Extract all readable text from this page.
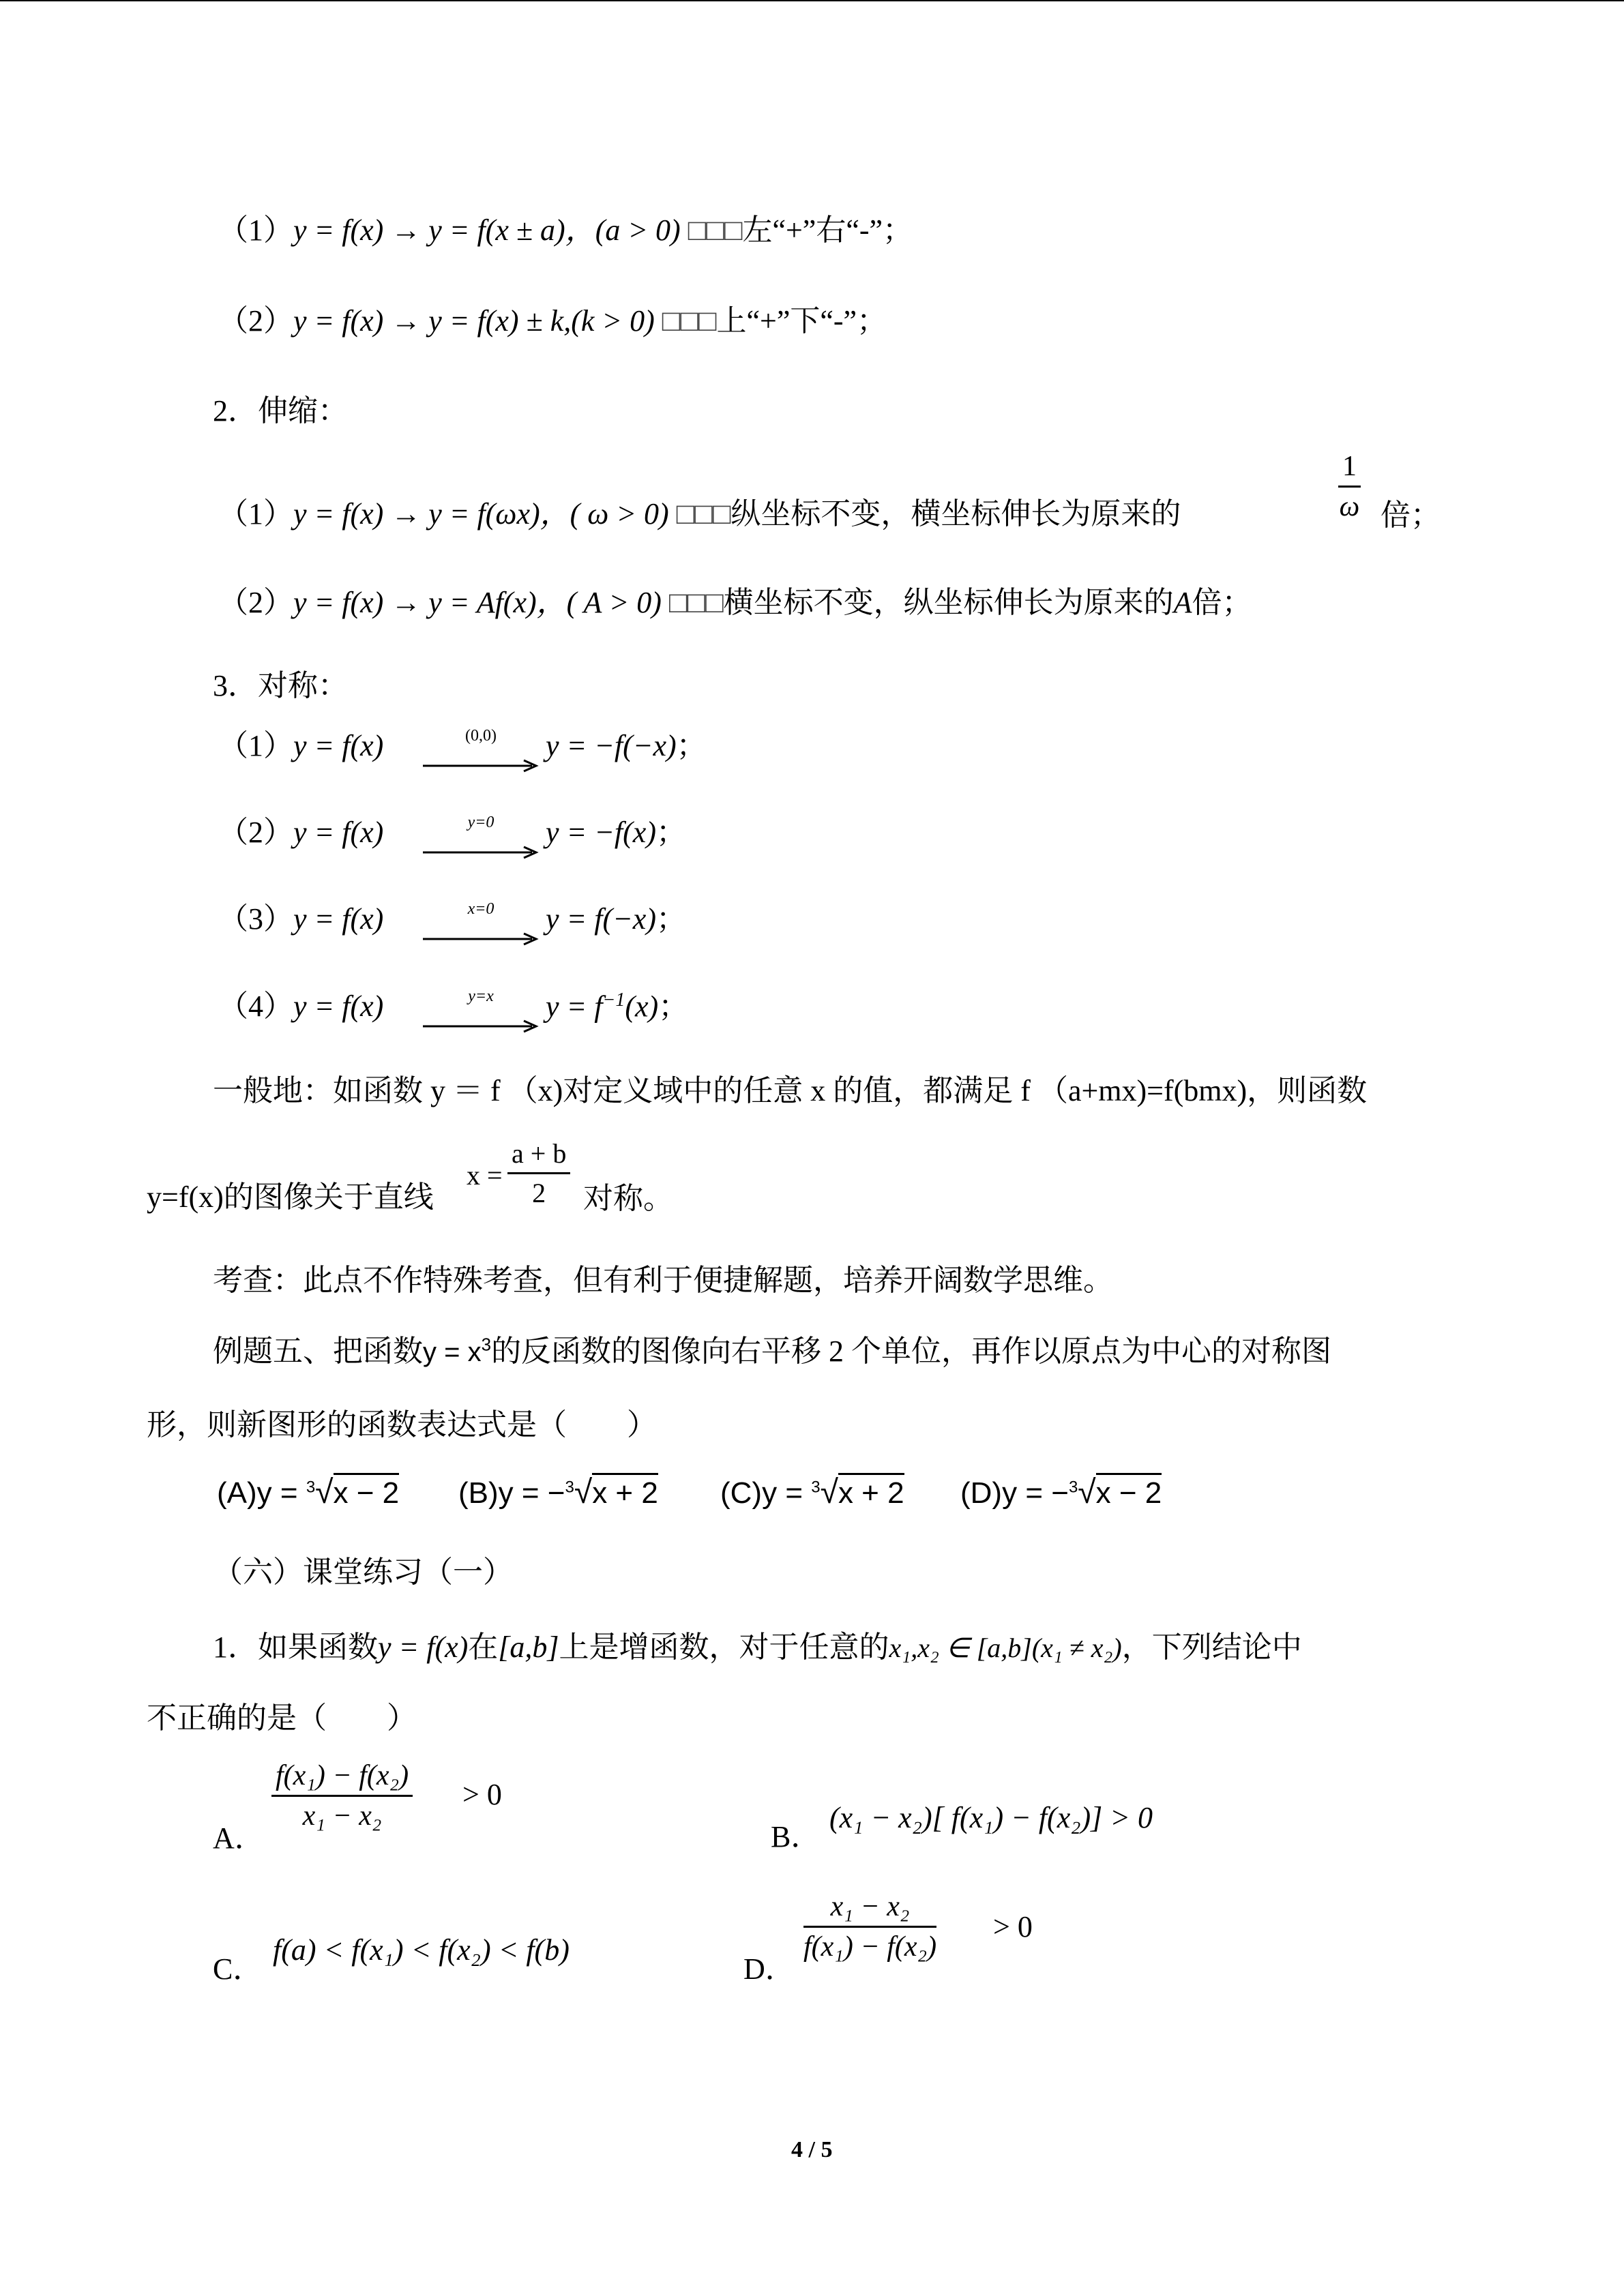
（1）y = f(x) → y = f(x ± a)，(a > 0) □□□左“+”右“-”；
（2）y = f(x) → y = f(x) ± k,(k > 0) □□□上“+”下“-”；
2．伸缩：
（1）y = f(x) → y = f(ωx)，( ω > 0) □□□纵坐标不变，横坐标伸长为原来的	$\frac{1}{\omega}$ 倍；
（2）y = f(x) → y = Af(x)，( A > 0) □□□横坐标不变，纵坐标伸长为原来的A倍；
3．对称：
（1）y = f(x)	(0,0)	y = −f(−x)；
（2）y = f(x)	y=0	y = −f(x)；
（3）y = f(x)	x=0	y = f(−x)；
（4）y = f(x)	y=x	$y = f^{-1}(x)$；
一般地：如函数 y ＝ f （x)对定义域中的任意 x 的值，都满足 f （a+mx)=f(bmx)，则函数
y=f(x)的图像关于直线
$x = \frac{a + b}{2}$ 对称。
考查：此点不作特殊考查，但有利于便捷解题，培养开阔数学思维。
例题五、把函数$y = x^3$的反函数的图像向右平移 2 个单位，再作以原点为中心的对称图
形，则新图形的函数表达式是（　　）
(A)y = $^3$√x − 2 (B)y = −$^3$√x + 2 (C)y = $^3$√x + 2 (D)y = −$^3$√x − 2
（六）课堂练习（一）
1．如果函数y = f(x)在[a,b]上是增函数，对于任意的x₁,x₂ ∈ [a,b](x₁ ≠ x₂)，下列结论中
不正确的是（　　）
A．
$\frac{\text{f(x₁) − f(x₂)}}{\text{x₁ − x₂}} > 0$
B．
(x₁ − x₂)[ f(x₁) − f(x₂)] > 0
C．
f(a) < f(x₁) < f(x₂) < f(b)
D．
$\frac{\text{x₁ − x₂}}{\text{f(x₁) − f(x₂)}} > 0$
4 / 5
